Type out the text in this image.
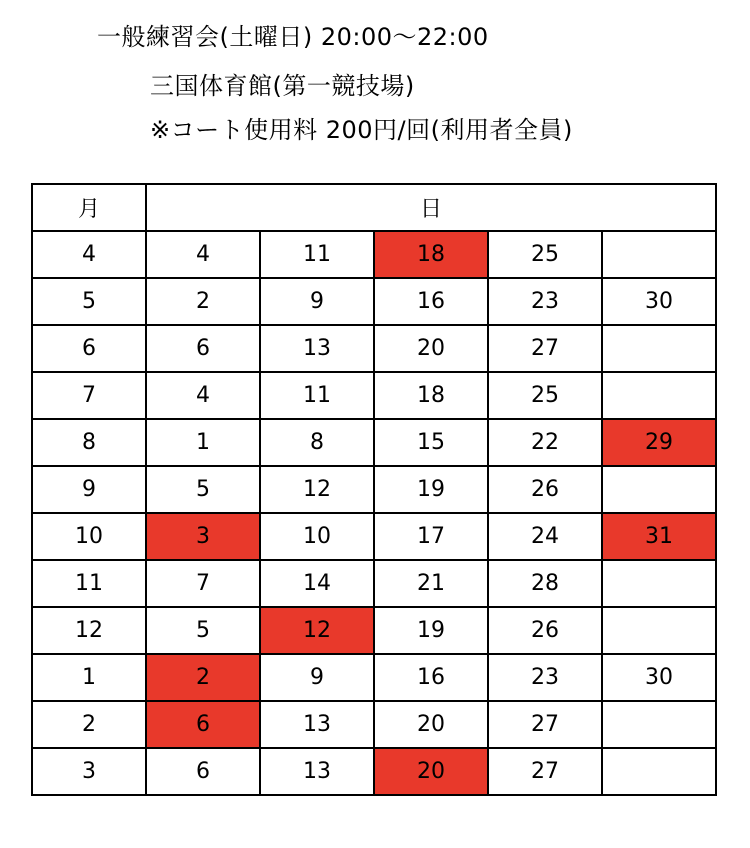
一般練習会(土曜日) 20:00～22:00

三国体育館(第一競技場)

※コート使用料 200円/回(利用者全員)

月	日				
4	4	11	18	25	
5	2	9	16	23	30
6	6	13	20	27	
7	4	11	18	25	
8	1	8	15	22	29
9	5	12	19	26	
10	3	10	17	24	31
11	7	14	21	28	
12	5	12	19	26	
1	2	9	16	23	30
2	6	13	20	27	
3	6	13	20	27	
